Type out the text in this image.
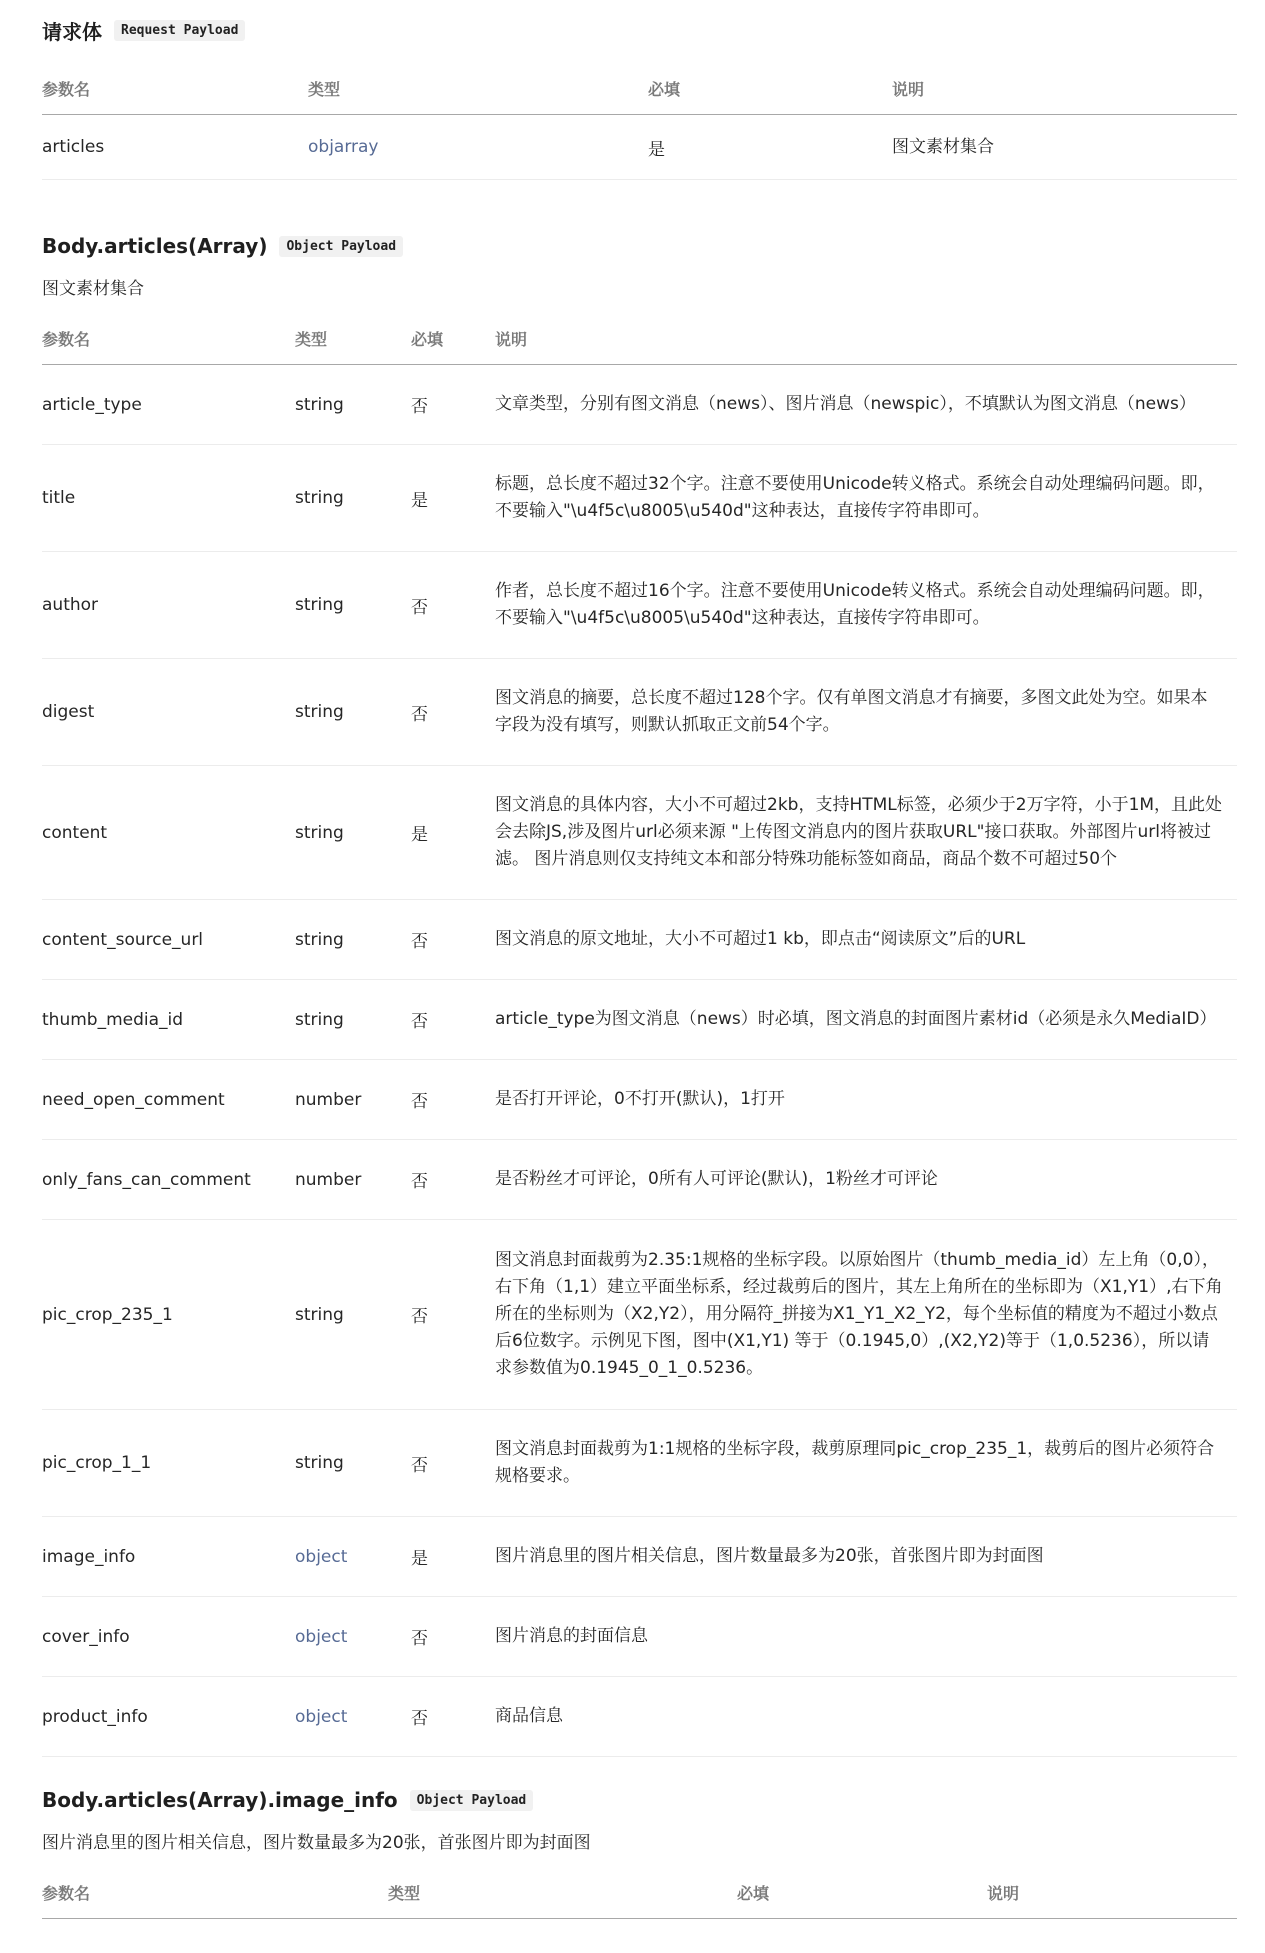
请求体	Request Payload
参数名	类型	必填	说明
articles	objarray	是	图文素材集合
Body.articles(Array)	Object Payload
图文素材集合
参数名	类型	必填	说明
article_type	string	否	文章类型，分别有图文消息（news）、图片消息（newspic），不填默认为图文消息（news）
title	string	是	标题，总长度不超过32个字。注意不要使用Unicode转义格式。系统会自动处理编码问题。即，不要输入"\u4f5c\u8005\u540d"这种表达，直接传字符串即可。
author	string	否	作者，总长度不超过16个字。注意不要使用Unicode转义格式。系统会自动处理编码问题。即，不要输入"\u4f5c\u8005\u540d"这种表达，直接传字符串即可。
digest	string	否	图文消息的摘要，总长度不超过128个字。仅有单图文消息才有摘要，多图文此处为空。如果本字段为没有填写，则默认抓取正文前54个字。
content	string	是	图文消息的具体内容，大小不可超过2kb，支持HTML标签，必须少于2万字符，小于1M，且此处会去除JS,涉及图片url必须来源 "上传图文消息内的图片获取URL"接口获取。外部图片url将被过滤。 图片消息则仅支持纯文本和部分特殊功能标签如商品，商品个数不可超过50个
content_source_url	string	否	图文消息的原文地址，大小不可超过1 kb，即点击“阅读原文”后的URL
thumb_media_id	string	否	article_type为图文消息（news）时必填，图文消息的封面图片素材id（必须是永久MediaID）
need_open_comment	number	否	是否打开评论，0不打开(默认)，1打开
only_fans_can_comment	number	否	是否粉丝才可评论，0所有人可评论(默认)，1粉丝才可评论
pic_crop_235_1	string	否	图文消息封面裁剪为2.35:1规格的坐标字段。以原始图片（thumb_media_id）左上角（0,0），右下角（1,1）建立平面坐标系，经过裁剪后的图片，其左上角所在的坐标即为（X1,Y1）,右下角所在的坐标则为（X2,Y2），用分隔符_拼接为X1_Y1_X2_Y2，每个坐标值的精度为不超过小数点后6位数字。示例见下图，图中(X1,Y1) 等于（0.1945,0）,(X2,Y2)等于（1,0.5236），所以请求参数值为0.1945_0_1_0.5236。
pic_crop_1_1	string	否	图文消息封面裁剪为1:1规格的坐标字段，裁剪原理同pic_crop_235_1，裁剪后的图片必须符合规格要求。
image_info	object	是	图片消息里的图片相关信息，图片数量最多为20张，首张图片即为封面图
cover_info	object	否	图片消息的封面信息
product_info	object	否	商品信息
Body.articles(Array).image_info	Object Payload
图片消息里的图片相关信息，图片数量最多为20张，首张图片即为封面图
参数名	类型	必填	说明
